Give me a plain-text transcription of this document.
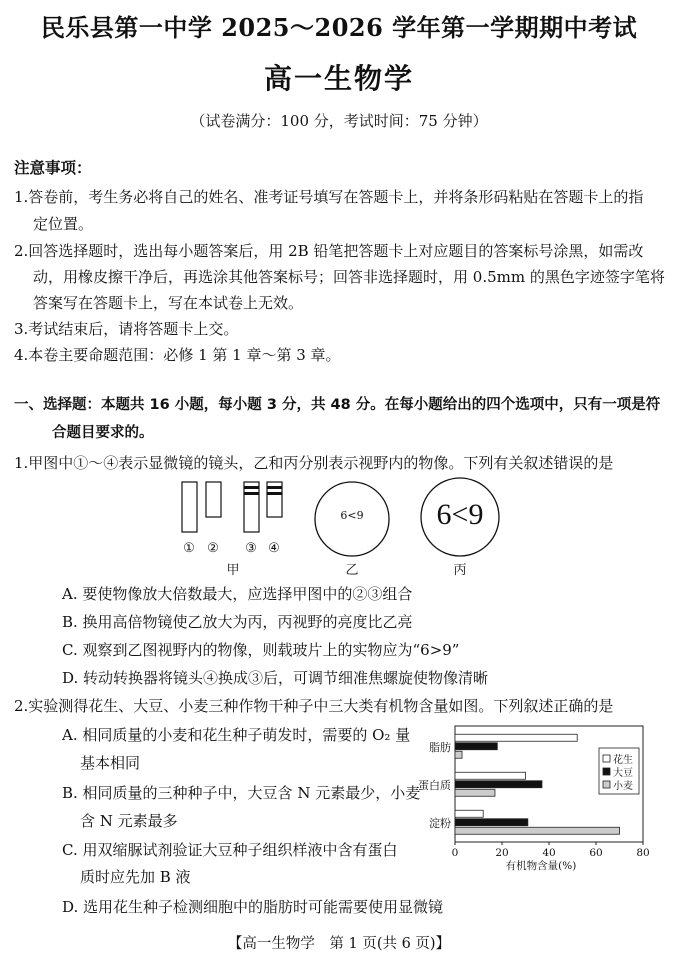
民乐县第一中学 2025～2026 学年第一学期期中考试
高一生物学
（试卷满分：100 分，考试时间：75 分钟）
注意事项：
1.答卷前，考生务必将自己的姓名、准考证号填写在答题卡上，并将条形码粘贴在答题卡上的指
定位置。
2.回答选择题时，选出每小题答案后，用 2B 铅笔把答题卡上对应题目的答案标号涂黑，如需改
动，用橡皮擦干净后，再选涂其他答案标号；回答非选择题时，用 0.5mm 的黑色字迹签字笔将
答案写在答题卡上，写在本试卷上无效。
3.考试结束后，请将答题卡上交。
4.本卷主要命题范围：必修 1 第 1 章～第 3 章。
一、选择题：本题共 16 小题，每小题 3 分，共 48 分。在每小题给出的四个选项中，只有一项是符
合题目要求的。
1.甲图中①～④表示显微镜的镜头，乙和丙分别表示视野内的物像。下列有关叙述错误的是
① ②	③ ④
甲
6<9
乙
6<9
丙
A. 要使物像放大倍数最大，应选择甲图中的②③组合
B. 换用高倍物镜使乙放大为丙，丙视野的亮度比乙亮
C. 观察到乙图视野内的物像，则载玻片上的实物应为“6>9”
D. 转动转换器将镜头④换成③后，可调节细准焦螺旋使物像清晰
2.实验测得花生、大豆、小麦三种作物干种子中三大类有机物含量如图。下列叙述正确的是
A. 相同质量的小麦和花生种子萌发时，需要的 O₂ 量
基本相同
B. 相同质量的三种种子中，大豆含 N 元素最少，小麦
含 N 元素最多
C. 用双缩脲试剂验证大豆种子组织样液中含有蛋白
质时应先加 B 液
D. 选用花生种子检测细胞中的脂肪时可能需要使用显微镜
脂肪
蛋白质
淀粉
0	20	40	60	80
有机物含量(%)
花生
大豆
小麦
【高一生物学　第 1 页(共 6 页)】
